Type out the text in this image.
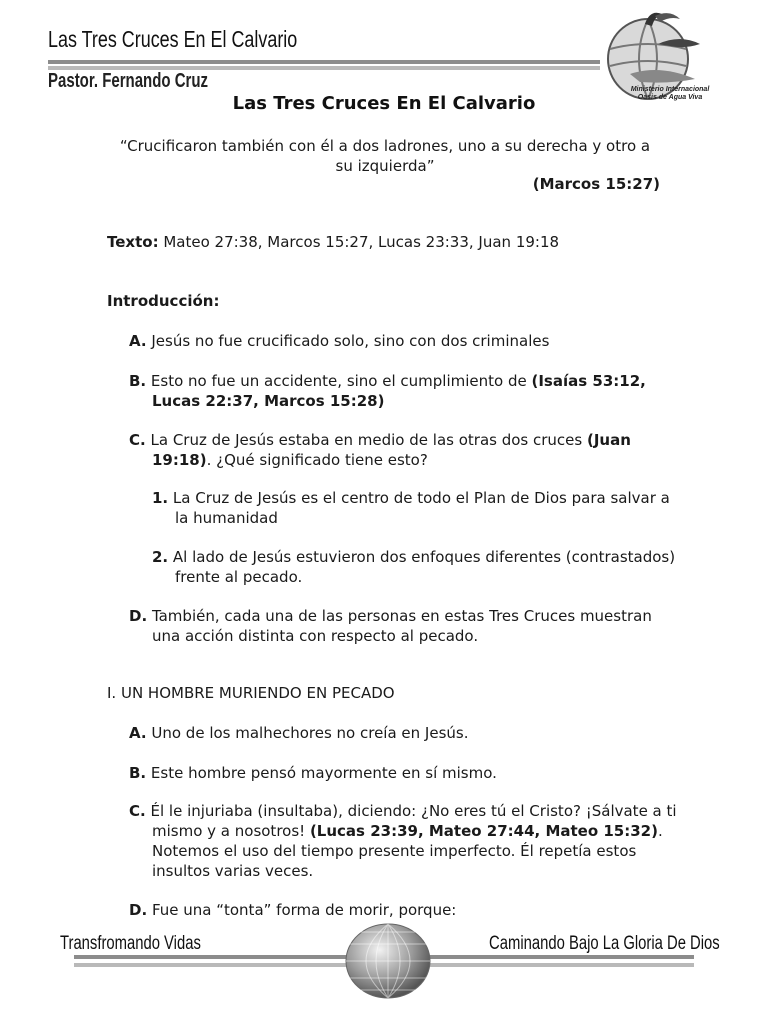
Las Tres Cruces En El Calvario
Pastor. Fernando Cruz	Ministerio Internacional
Oasis de Agua Viva
Las Tres Cruces En El Calvario
“Crucificaron también con él a dos ladrones, uno a su derecha y otro a su izquierda”
(Marcos 15:27)
Texto: Mateo 27:38, Marcos 15:27, Lucas 23:33, Juan 19:18
Introducción:
A. Jesús no fue crucificado solo, sino con dos criminales
B. Esto no fue un accidente, sino el cumplimiento de (Isaías 53:12, Lucas 22:37, Marcos 15:28)
C. La Cruz de Jesús estaba en medio de las otras dos cruces (Juan 19:18). ¿Qué significado tiene esto?
1. La Cruz de Jesús es el centro de todo el Plan de Dios para salvar a la humanidad
2. Al lado de Jesús estuvieron dos enfoques diferentes (contrastados) frente al pecado.
D. También, cada una de las personas en estas Tres Cruces muestran una acción distinta con respecto al pecado.
I. UN HOMBRE MURIENDO EN PECADO
A. Uno de los malhechores no creía en Jesús.
B. Este hombre pensó mayormente en sí mismo.
C. Él le injuriaba (insultaba), diciendo: ¿No eres tú el Cristo? ¡Sálvate a ti mismo y a nosotros! (Lucas 23:39, Mateo 27:44, Mateo 15:32). Notemos el uso del tiempo presente imperfecto. Él repetía estos insultos varias veces.
D. Fue una “tonta” forma de morir, porque:
Transfromando Vidas	Caminando Bajo La Gloria De Dios
